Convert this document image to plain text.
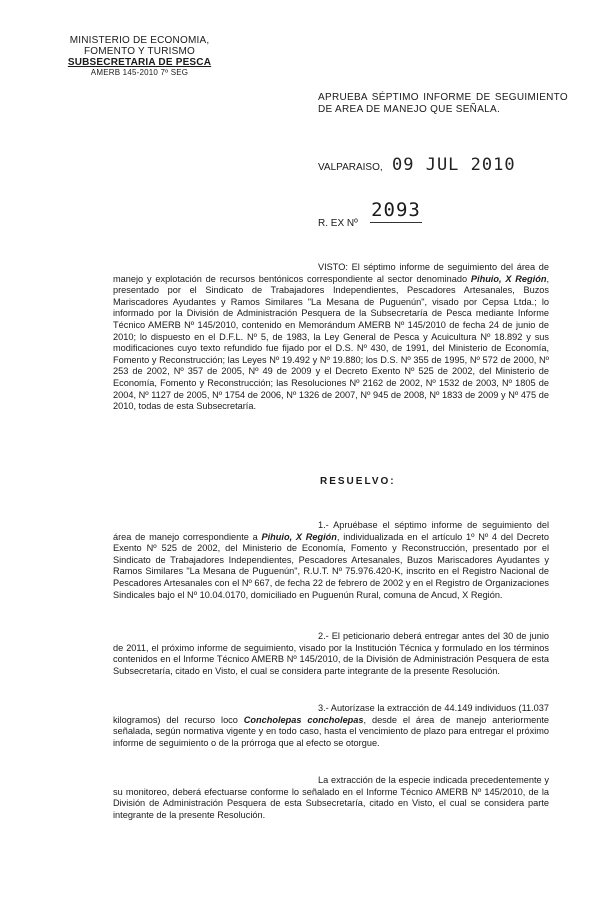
MINISTERIO DE ECONOMIA,
FOMENTO Y TURISMO
SUBSECRETARIA DE PESCA
AMERB 145-2010 7º SEG
APRUEBA SÉPTIMO INFORME DE SEGUIMIENTO DE AREA DE MANEJO QUE SEÑALA.
VALPARAISO, 09 JUL 2010
R. EX Nº
2093

VISTO: El séptimo informe de seguimiento del área de manejo y explotación de recursos bentónicos correspondiente al sector denominado Pihuio, X Región, presentado por el Sindicato de Trabajadores Independientes, Pescadores Artesanales, Buzos Mariscadores Ayudantes y Ramos Similares "La Mesana de Puguenún", visado por Cepsa Ltda.; lo informado por la División de Administración Pesquera de la Subsecretaría de Pesca mediante Informe Técnico AMERB Nº 145/2010, contenido en Memorándum AMERB Nº 145/2010 de fecha 24 de junio de 2010; lo dispuesto en el D.F.L. Nº 5, de 1983, la Ley General de Pesca y Acuicultura Nº 18.892 y sus modificaciones cuyo texto refundido fue fijado por el D.S. Nº 430, de 1991, del Ministerio de Economía, Fomento y Reconstrucción; las Leyes Nº 19.492 y Nº 19.880; los D.S. Nº 355 de 1995, Nº 572 de 2000, Nº 253 de 2002, Nº 357 de 2005, Nº 49 de 2009 y el Decreto Exento Nº 525 de 2002, del Ministerio de Economía, Fomento y Reconstrucción; las Resoluciones Nº 2162 de 2002, Nº 1532 de 2003, Nº 1805 de 2004, Nº 1127 de 2005, Nº 1754 de 2006, Nº 1326 de 2007, Nº 945 de 2008, Nº 1833 de 2009 y Nº 475 de 2010, todas de esta Subsecretaría.

RESUELVO:

1.- Apruébase el séptimo informe de seguimiento del área de manejo correspondiente a Pihuio, X Región, individualizada en el artículo 1º Nº 4 del Decreto Exento Nº 525 de 2002, del Ministerio de Economía, Fomento y Reconstrucción, presentado por el Sindicato de Trabajadores Independientes, Pescadores Artesanales, Buzos Mariscadores Ayudantes y Ramos Similares "La Mesana de Puguenún", R.U.T. Nº 75.976.420-K, inscrito en el Registro Nacional de Pescadores Artesanales con el Nº 667, de fecha 22 de febrero de 2002 y en el Registro de Organizaciones Sindicales bajo el Nº 10.04.0170, domiciliado en Puguenún Rural, comuna de Ancud, X Región.

2.- El peticionario deberá entregar antes del 30 de junio de 2011, el próximo informe de seguimiento, visado por la Institución Técnica y formulado en los términos contenidos en el Informe Técnico AMERB Nº 145/2010, de la División de Administración Pesquera de esta Subsecretaría, citado en Visto, el cual se considera parte integrante de la presente Resolución.

3.- Autorízase la extracción de 44.149 individuos (11.037 kilogramos) del recurso loco Concholepas concholepas, desde el área de manejo anteriormente señalada, según normativa vigente y en todo caso, hasta el vencimiento de plazo para entregar el próximo informe de seguimiento o de la prórroga que al efecto se otorgue.

La extracción de la especie indicada precedentemente y su monitoreo, deberá efectuarse conforme lo señalado en el Informe Técnico AMERB Nº 145/2010, de la División de Administración Pesquera de esta Subsecretaría, citado en Visto, el cual se considera parte integrante de la presente Resolución.
